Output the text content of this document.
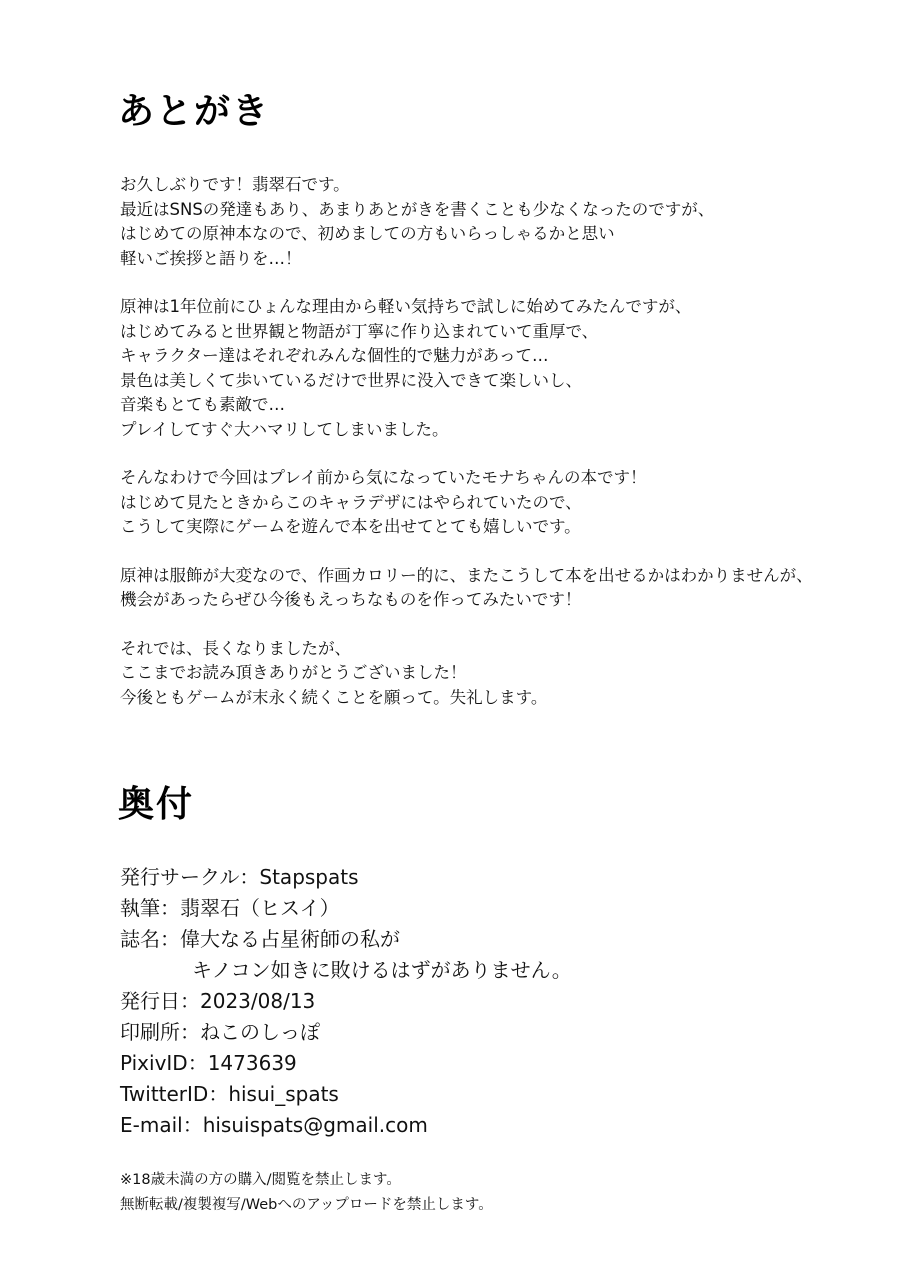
あとがき
お久しぶりです！翡翠石です。
最近はSNSの発達もあり、あまりあとがきを書くことも少なくなったのですが、
はじめての原神本なので、初めましての方もいらっしゃるかと思い
軽いご挨拶と語りを…！
原神は1年位前にひょんな理由から軽い気持ちで試しに始めてみたんですが、
はじめてみると世界観と物語が丁寧に作り込まれていて重厚で、
キャラクター達はそれぞれみんな個性的で魅力があって…
景色は美しくて歩いているだけで世界に没入できて楽しいし、
音楽もとても素敵で…
プレイしてすぐ大ハマリしてしまいました。
そんなわけで今回はプレイ前から気になっていたモナちゃんの本です！
はじめて見たときからこのキャラデザにはやられていたので、
こうして実際にゲームを遊んで本を出せてとても嬉しいです。
原神は服飾が大変なので、作画カロリー的に、またこうして本を出せるかはわかりませんが、
機会があったらぜひ今後もえっちなものを作ってみたいです！
それでは、長くなりましたが、
ここまでお読み頂きありがとうございました！
今後ともゲームが末永く続くことを願って。失礼します。
奥付
発行サークル：Stapspats
執筆：翡翠石（ヒスイ）
誌名：偉大なる占星術師の私が
キノコン如きに敗けるはずがありません。
発行日：2023/08/13
印刷所：ねこのしっぽ
PixivID：1473639
TwitterID：hisui_spats
E-mail：hisuispats@gmail.com
※18歳未満の方の購入/閲覧を禁止します。
無断転載/複製複写/Webへのアップロードを禁止します。
